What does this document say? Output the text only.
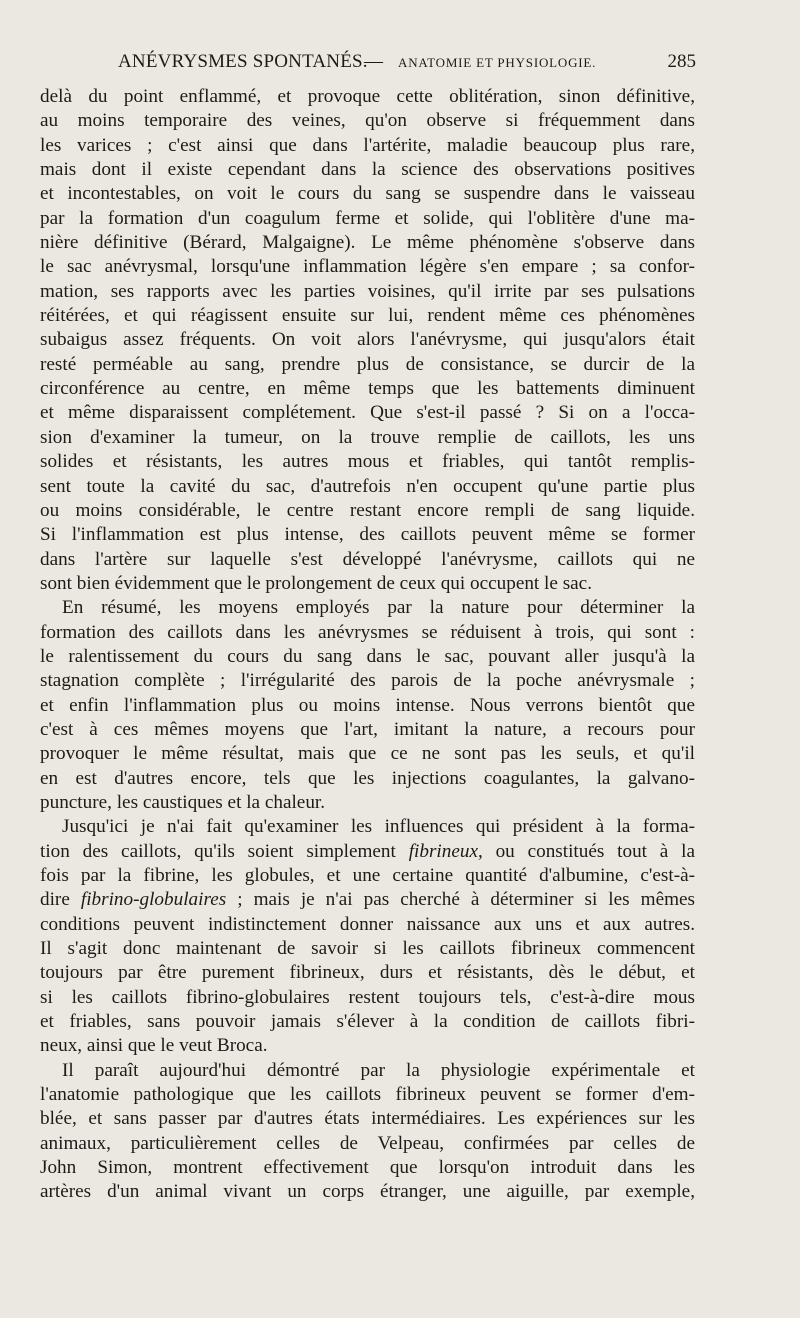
ANÉVRYSMES SPONTANÉS.
— ANATOMIE ET PHYSIOLOGIE.	285
delà du point enflammé, et provoque cette oblitération, sinon définitive,
au moins temporaire des veines, qu'on observe si fréquemment dans
les varices ; c'est ainsi que dans l'artérite, maladie beaucoup plus rare,
mais dont il existe cependant dans la science des observations positives
et incontestables, on voit le cours du sang se suspendre dans le vaisseau
par la formation d'un coagulum ferme et solide, qui l'oblitère d'une ma-
nière définitive (Bérard, Malgaigne). Le même phénomène s'observe dans
le sac anévrysmal, lorsqu'une inflammation légère s'en empare ; sa confor-
mation, ses rapports avec les parties voisines, qu'il irrite par ses pulsations
réitérées, et qui réagissent ensuite sur lui, rendent même ces phénomènes
subaigus assez fréquents. On voit alors l'anévrysme, qui jusqu'alors était
resté perméable au sang, prendre plus de consistance, se durcir de la
circonférence au centre, en même temps que les battements diminuent
et même disparaissent complétement. Que s'est-il passé ? Si on a l'occa-
sion d'examiner la tumeur, on la trouve remplie de caillots, les uns
solides et résistants, les autres mous et friables, qui tantôt remplis-
sent toute la cavité du sac, d'autrefois n'en occupent qu'une partie plus
ou moins considérable, le centre restant encore rempli de sang liquide.
Si l'inflammation est plus intense, des caillots peuvent même se former
dans l'artère sur laquelle s'est développé l'anévrysme, caillots qui ne
sont bien évidemment que le prolongement de ceux qui occupent le sac.
En résumé, les moyens employés par la nature pour déterminer la
formation des caillots dans les anévrysmes se réduisent à trois, qui sont :
le ralentissement du cours du sang dans le sac, pouvant aller jusqu'à la
stagnation complète ; l'irrégularité des parois de la poche anévrysmale ;
et enfin l'inflammation plus ou moins intense. Nous verrons bientôt que
c'est à ces mêmes moyens que l'art, imitant la nature, a recours pour
provoquer le même résultat, mais que ce ne sont pas les seuls, et qu'il
en est d'autres encore, tels que les injections coagulantes, la galvano-
puncture, les caustiques et la chaleur.
Jusqu'ici je n'ai fait qu'examiner les influences qui président à la forma-
tion des caillots, qu'ils soient simplement fibrineux, ou constitués tout à la
fois par la fibrine, les globules, et une certaine quantité d'albumine, c'est-à-
dire fibrino-globulaires ; mais je n'ai pas cherché à déterminer si les mêmes
conditions peuvent indistinctement donner naissance aux uns et aux autres.
Il s'agit donc maintenant de savoir si les caillots fibrineux commencent
toujours par être purement fibrineux, durs et résistants, dès le début, et
si les caillots fibrino-globulaires restent toujours tels, c'est-à-dire mous
et friables, sans pouvoir jamais s'élever à la condition de caillots fibri-
neux, ainsi que le veut Broca.
Il paraît aujourd'hui démontré par la physiologie expérimentale et
l'anatomie pathologique que les caillots fibrineux peuvent se former d'em-
blée, et sans passer par d'autres états intermédiaires. Les expériences sur les
animaux, particulièrement celles de Velpeau, confirmées par celles de
John Simon, montrent effectivement que lorsqu'on introduit dans les
artères d'un animal vivant un corps étranger, une aiguille, par exemple,
